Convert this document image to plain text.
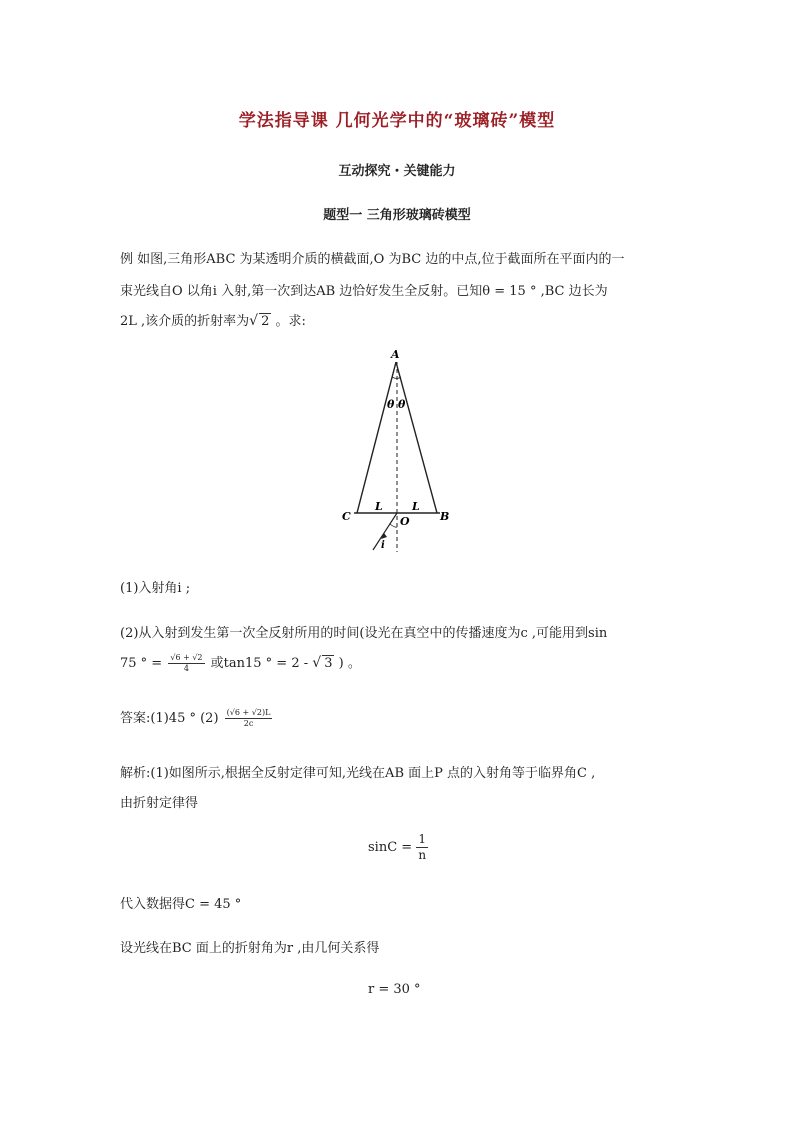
学法指导课 几何光学中的“玻璃砖”模型
互动探究・关键能力
题型一 三角形玻璃砖模型
例 如图,三角形ABC 为某透明介质的横截面,O 为BC 边的中点,位于截面所在平面内的一
束光线自O 以角i 入射,第一次到达AB 边恰好发生全反射。已知θ = 15 ° ,BC 边长为
2L ,该介质的折射率为√ 2 。求:
A
B
C	O
L	L
θ θ
i
(1)入射角i ;
(2)从入射到发生第一次全反射所用的时间(设光在真空中的传播速度为c ,可能用到sin
75 ° = $\frac{√6 + √2}{4}$ 或tan15 ° = 2 - √ 3 ) 。
答案:(1)45 ° $(2) \frac{(√6 + √2)L}{2c}$
解析:(1)如图所示,根据全反射定律可知,光线在AB 面上P 点的入射角等于临界角C ,
由折射定律得
$\sin C = \frac{1}{n}$
代入数据得C = 45 °
设光线在BC 面上的折射角为r ,由几何关系得
r = 30 °
